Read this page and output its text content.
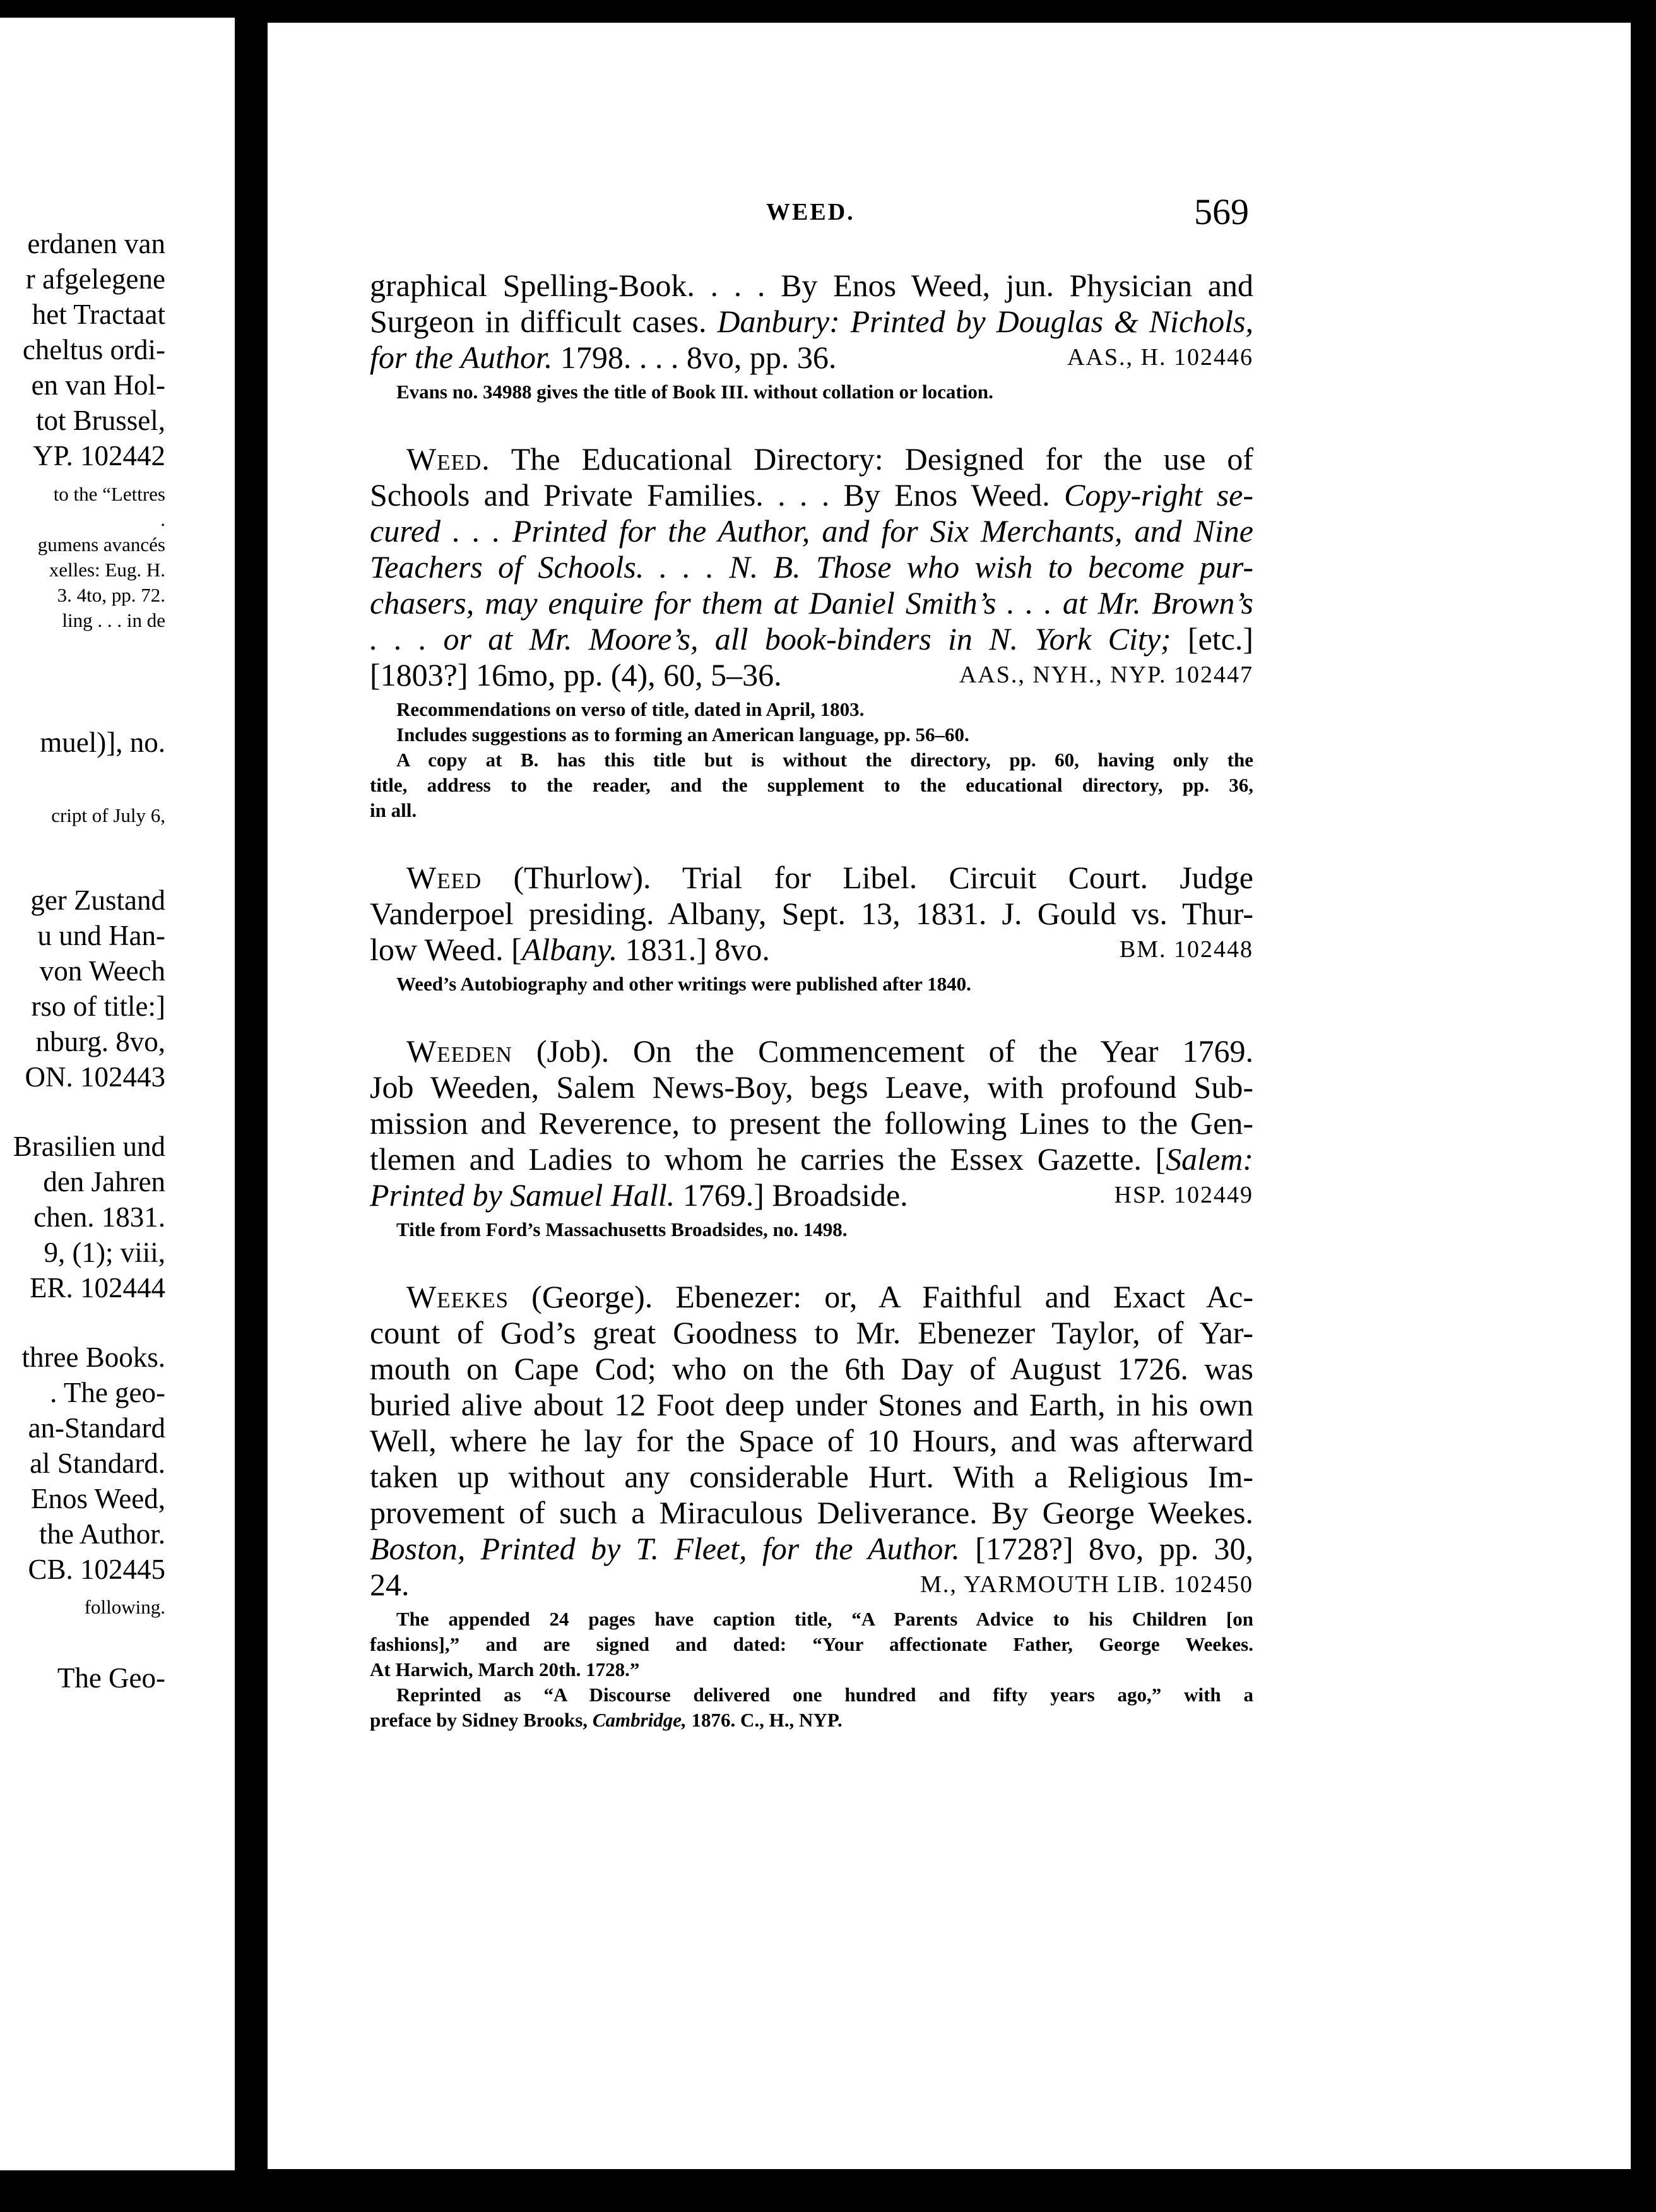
erdanen van
r afgelegene
het Tractaat
cheltus ordi-
en van Hol-
tot Brussel,
YP. 102442
to the “Lettres
.
gumens avancés
xelles: Eug. H.
3. 4to, pp. 72.
ling . . . in de
muel)], no.
cript of July 6,
ger Zustand
u und Han-
von Weech
rso of title:]
nburg. 8vo,
ON. 102443
Brasilien und
den Jahren
chen. 1831.
9, (1); viii,
ER. 102444
three Books.
. The geo-
an-Standard
al Standard.
Enos Weed,
the Author.
CB. 102445
following.
The Geo-
WEED.	569
graphical Spelling-Book. . . . By Enos Weed, jun. Physician and
Surgeon in difficult cases. Danbury: Printed by Douglas & Nichols,
for the Author. 1798. . . . 8vo, pp. 36.	AAS., H. 102446
Evans no. 34988 gives the title of Book III. without collation or location.
Weed. The Educational Directory: Designed for the use of
Schools and Private Families. . . . By Enos Weed. Copy-right se-
cured . . . Printed for the Author, and for Six Merchants, and Nine
Teachers of Schools. . . . N. B. Those who wish to become pur-
chasers, may enquire for them at Daniel Smith’s . . . at Mr. Brown’s
. . . or at Mr. Moore’s, all book-binders in N. York City; [etc.]
[1803?] 16mo, pp. (4), 60, 5–36.	AAS., NYH., NYP. 102447
Recommendations on verso of title, dated in April, 1803.
Includes suggestions as to forming an American language, pp. 56–60.
A copy at B. has this title but is without the directory, pp. 60, having only the
title, address to the reader, and the supplement to the educational directory, pp. 36,
in all.
Weed (Thurlow). Trial for Libel. Circuit Court. Judge
Vanderpoel presiding. Albany, Sept. 13, 1831. J. Gould vs. Thur-
low Weed. [Albany. 1831.] 8vo.	BM. 102448
Weed’s Autobiography and other writings were published after 1840.
Weeden (Job). On the Commencement of the Year 1769.
Job Weeden, Salem News-Boy, begs Leave, with profound Sub-
mission and Reverence, to present the following Lines to the Gen-
tlemen and Ladies to whom he carries the Essex Gazette. [Salem:
Printed by Samuel Hall. 1769.] Broadside.	HSP. 102449
Title from Ford’s Massachusetts Broadsides, no. 1498.
Weekes (George). Ebenezer: or, A Faithful and Exact Ac-
count of God’s great Goodness to Mr. Ebenezer Taylor, of Yar-
mouth on Cape Cod; who on the 6th Day of August 1726. was
buried alive about 12 Foot deep under Stones and Earth, in his own
Well, where he lay for the Space of 10 Hours, and was afterward
taken up without any considerable Hurt. With a Religious Im-
provement of such a Miraculous Deliverance. By George Weekes.
Boston, Printed by T. Fleet, for the Author. [1728?] 8vo, pp. 30,
24.	M., YARMOUTH LIB. 102450
The appended 24 pages have caption title, “A Parents Advice to his Children [on
fashions],” and are signed and dated: “Your affectionate Father, George Weekes.
At Harwich, March 20th. 1728.”
Reprinted as “A Discourse delivered one hundred and fifty years ago,” with a
preface by Sidney Brooks, Cambridge, 1876. C., H., NYP.
